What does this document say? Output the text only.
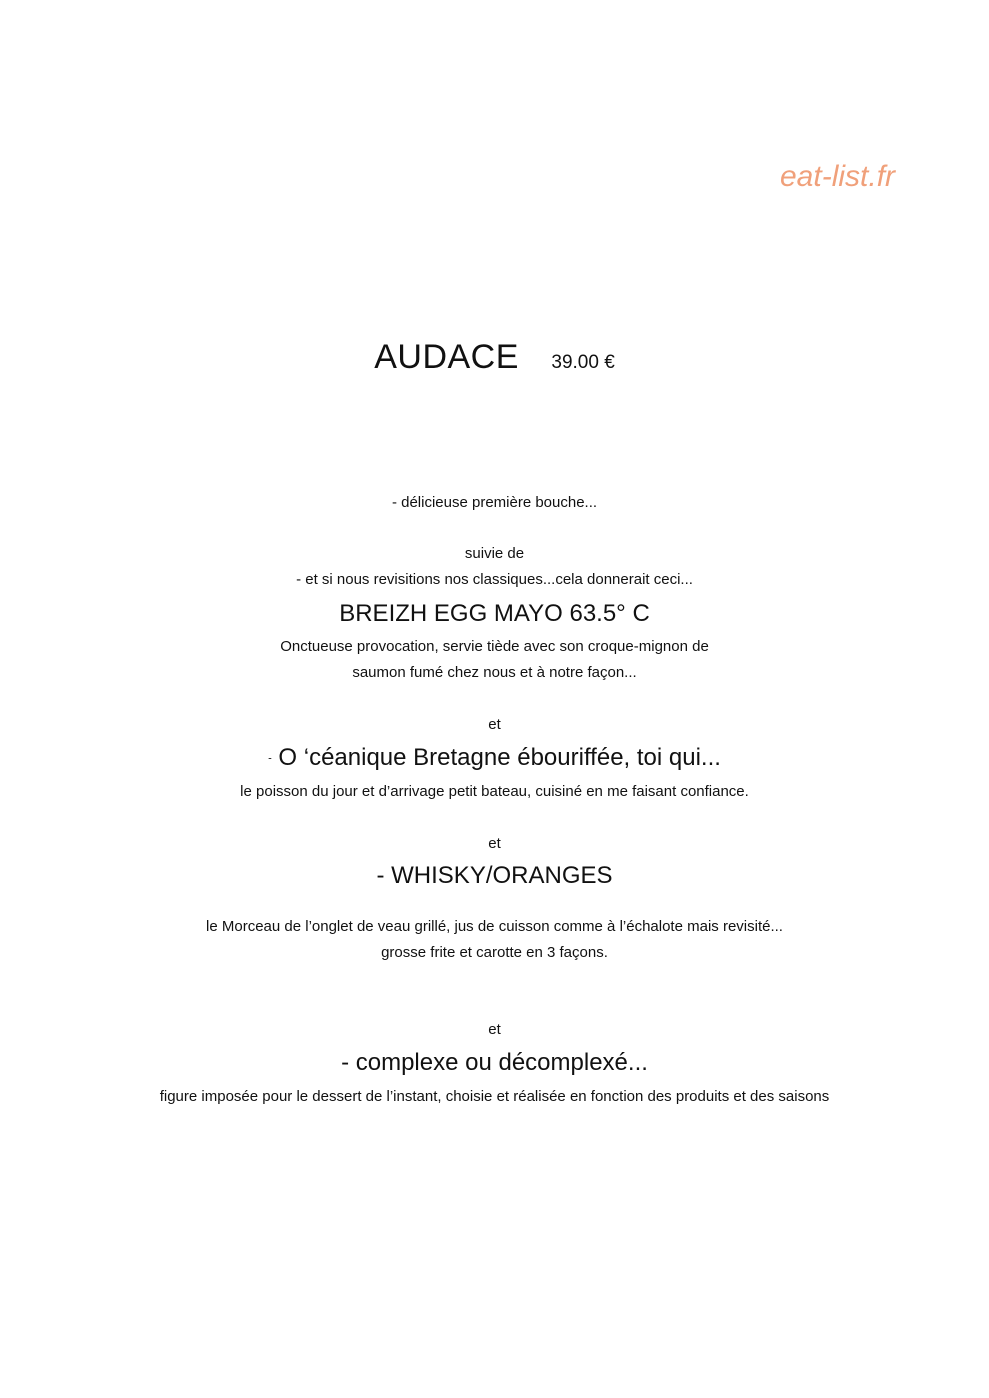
eat-list.fr
AUDACE 39.00 €
- délicieuse première bouche...
suivie de
- et si nous revisitions nos classiques...cela donnerait ceci...
BREIZH EGG MAYO 63.5° C
Onctueuse provocation, servie tiède avec son croque-mignon de
saumon fumé chez nous et à notre façon...
et
- O ‘céanique Bretagne ébouriffée, toi qui...
le poisson du jour et d’arrivage petit bateau, cuisiné en me faisant confiance.
et
- WHISKY/ORANGES
le Morceau de l’onglet de veau grillé, jus de cuisson comme à l’échalote mais revisité...
grosse frite et carotte en 3 façons.
et
- complexe ou décomplexé...
figure imposée pour le dessert de l’instant, choisie et réalisée en fonction des produits et des saisons
